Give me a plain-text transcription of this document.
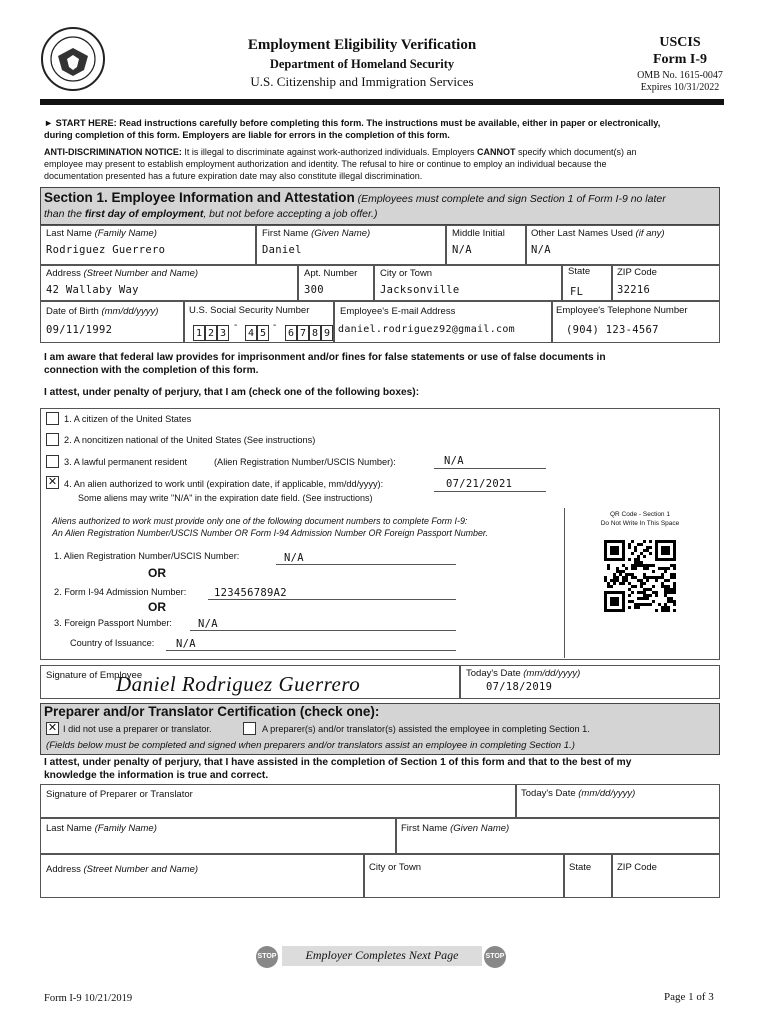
Employment Eligibility Verification
Department of Homeland Security
U.S. Citizenship and Immigration Services
USCIS
Form I-9
OMB No. 1615-0047
Expires 10/31/2022
► START HERE: Read instructions carefully before completing this form. The instructions must be available, either in paper or electronically,
during completion of this form. Employers are liable for errors in the completion of this form.
ANTI-DISCRIMINATION NOTICE: It is illegal to discriminate against work-authorized individuals. Employers CANNOT specify which document(s) an
employee may present to establish employment authorization and identity. The refusal to hire or continue to employ an individual because the
documentation presented has a future expiration date may also constitute illegal discrimination.
Section 1. Employee Information and Attestation (Employees must complete and sign Section 1 of Form I-9 no later
than the first day of employment, but not before accepting a job offer.)
Last Name (Family Name)
Rodriguez Guerrero
First Name (Given Name)
Daniel
Middle Initial
N/A
Other Last Names Used (if any)
N/A
Address (Street Number and Name)
42 Wallaby Way
Apt. Number
300
City or Town
Jacksonville
State
FL
ZIP Code
32216
Date of Birth (mm/dd/yyyy)
09/11/1992
U.S. Social Security Number
1 2 3 4 5 6 7 8 9
-	-
Employee's E-mail Address
daniel.rodriguez92@gmail.com
Employee's Telephone Number
(904) 123-4567
I am aware that federal law provides for imprisonment and/or fines for false statements or use of false documents in
connection with the completion of this form.
I attest, under penalty of perjury, that I am (check one of the following boxes):
1. A citizen of the United States
2. A noncitizen national of the United States (See instructions)
3. A lawful permanent resident	(Alien Registration Number/USCIS Number):	N/A
✕ 4. An alien authorized to work until (expiration date, if applicable, mm/dd/yyyy):	07/21/2021
Some aliens may write "N/A" in the expiration date field. (See instructions)
Aliens authorized to work must provide only one of the following document numbers to complete Form I-9:
An Alien Registration Number/USCIS Number OR Form I-94 Admission Number OR Foreign Passport Number.
1. Alien Registration Number/USCIS Number:	N/A
OR
2. Form I-94 Admission Number:	123456789A2
OR
3. Foreign Passport Number: N/A
Country of Issuance: N/A
QR Code - Section 1
Do Not Write In This Space
Signature of Employee
Daniel Rodriguez Guerrero	Today's Date (mm/dd/yyyy)
07/18/2019
Preparer and/or Translator Certification (check one):
✕ I did not use a preparer or translator.	A preparer(s) and/or translator(s) assisted the employee in completing Section 1.
(Fields below must be completed and signed when preparers and/or translators assist an employee in completing Section 1.)
I attest, under penalty of perjury, that I have assisted in the completion of Section 1 of this form and that to the best of my
knowledge the information is true and correct.
Signature of Preparer or Translator	Today's Date (mm/dd/yyyy)
Last Name (Family Name)	First Name (Given Name)
Address (Street Number and Name)	City or Town	State	ZIP Code
STOP	Employer Completes Next Page	STOP
Form I-9 10/21/2019	Page 1 of 3
